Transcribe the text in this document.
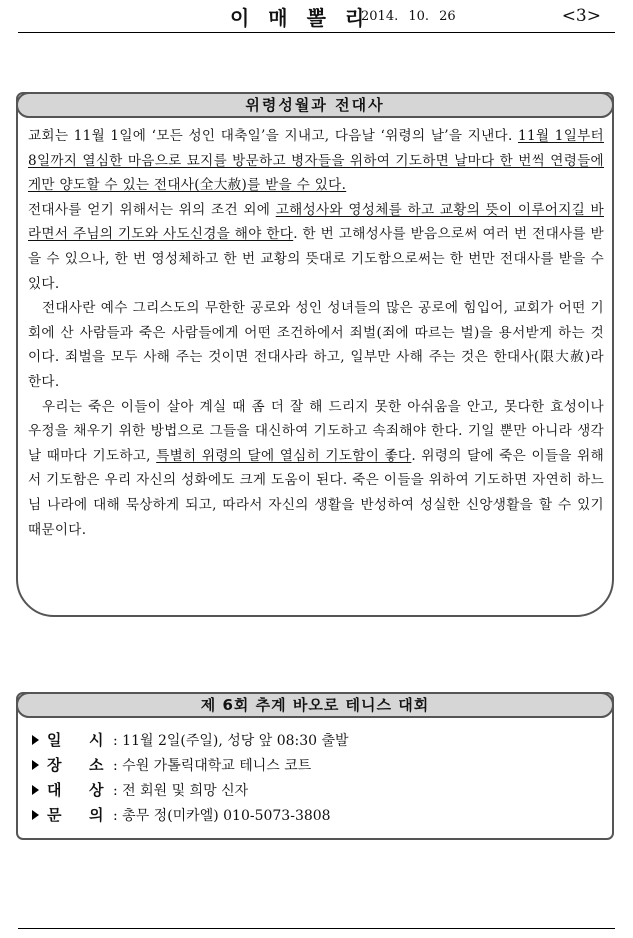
이 매 뽈 리
2014. 10. 26	<3>
위령성월과 전대사

교회는 11월 1일에 ‘모든 성인 대축일’을 지내고, 다음날 ‘위령의 날’을 지낸다. 11월 1일부터 8일까지 열심한 마음으로 묘지를 방문하고 병자들을 위하여 기도하면 날마다 한 번씩 연령들에게만 양도할 수 있는 전대사(全大赦)를 받을 수 있다.

전대사를 얻기 위해서는 위의 조건 외에 고해성사와 영성체를 하고 교황의 뜻이 이루어지길 바라면서 주님의 기도와 사도신경을 해야 한다. 한 번 고해성사를 받음으로써 여러 번 전대사를 받을 수 있으나, 한 번 영성체하고 한 번 교황의 뜻대로 기도함으로써는 한 번만 전대사를 받을 수 있다.

전대사란 예수 그리스도의 무한한 공로와 성인 성녀들의 많은 공로에 힘입어, 교회가 어떤 기회에 산 사람들과 죽은 사람들에게 어떤 조건하에서 죄벌(죄에 따르는 벌)을 용서받게 하는 것이다. 죄벌을 모두 사해 주는 것이면 전대사라 하고, 일부만 사해 주는 것은 한대사(限大赦)라 한다.

우리는 죽은 이들이 살아 계실 때 좀 더 잘 해 드리지 못한 아쉬움을 안고, 못다한 효성이나 우정을 채우기 위한 방법으로 그들을 대신하여 기도하고 속죄해야 한다. 기일 뿐만 아니라 생각날 때마다 기도하고, 특별히 위령의 달에 열심히 기도함이 좋다. 위령의 달에 죽은 이들을 위해서 기도함은 우리 자신의 성화에도 크게 도움이 된다. 죽은 이들을 위하여 기도하면 자연히 하느님 나라에 대해 묵상하게 되고, 따라서 자신의 생활을 반성하여 성실한 신앙생활을 할 수 있기 때문이다.

제 6회 추계 바오로 테니스 대회
일 시 : 11월 2일(주일), 성당 앞 08:30 출발
장 소 : 수원 가톨릭대학교 테니스 코트
대 상 : 전 회원 및 희망 신자
문 의 : 총무 정(미카엘) 010-5073-3808
